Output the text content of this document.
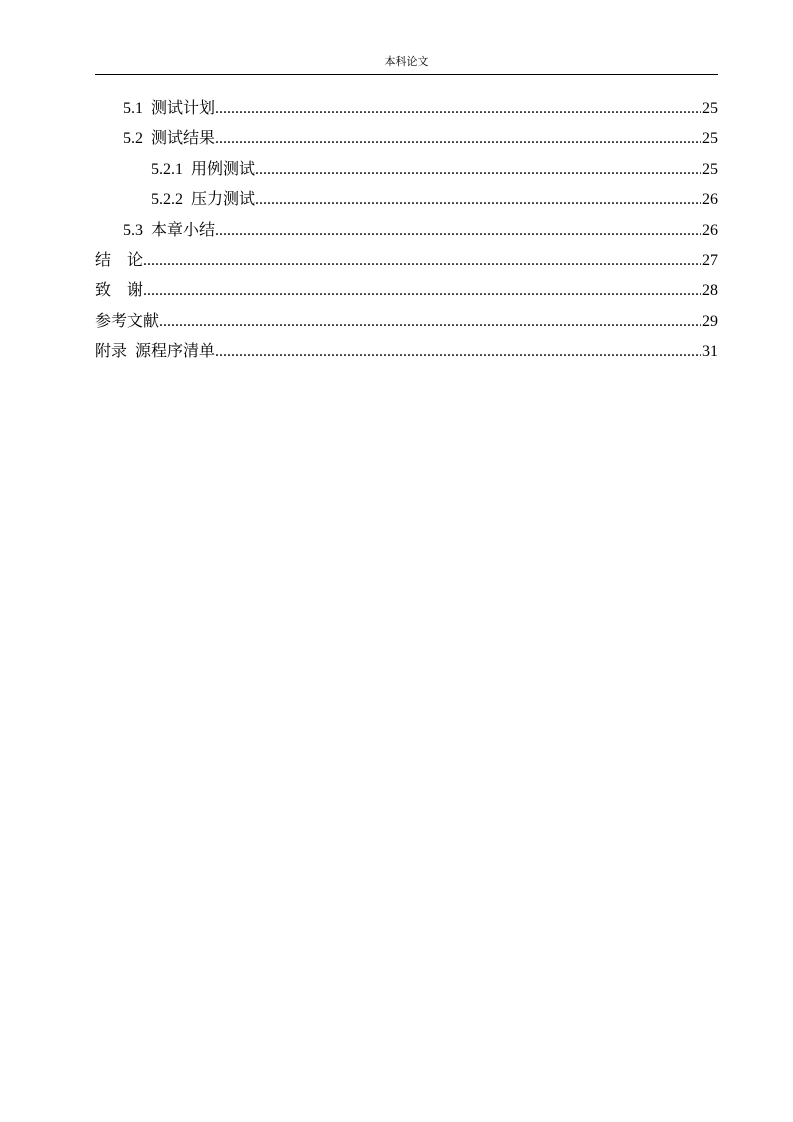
本科论文
5.1  测试计划 .....	25
5.2  测试结果 .....	25
5.2.1  用例测试 .....	25
5.2.2  压力测试 .....	26
5.3  本章小结 .....	26
结    论 .....	27
致    谢 .....	28
参考文献 .....	29
附录  源程序清单 .....	31
